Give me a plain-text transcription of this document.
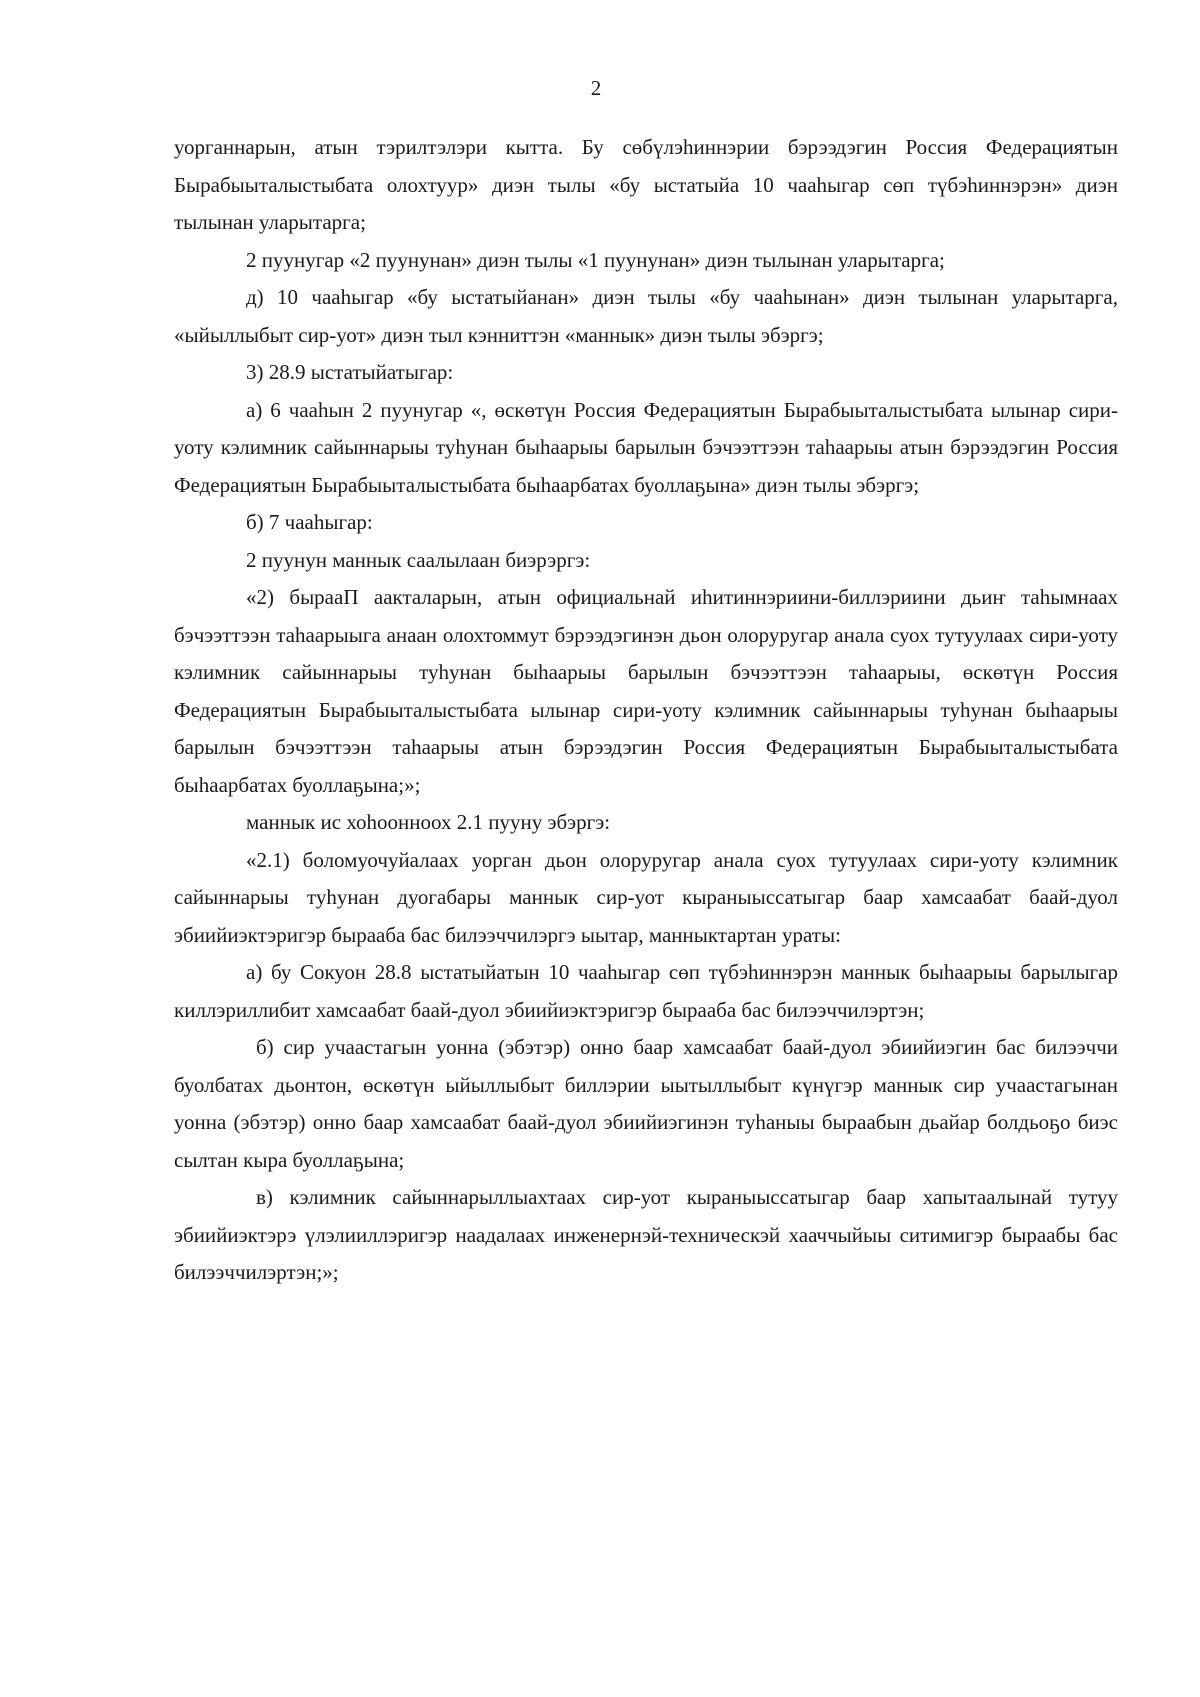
2

уорганнарын, атын тэрилтэлэри кытта. Бу сөбүлэһиннэрии бэрээдэгин Россия Федерациятын Бырабыыталыстыбата олохтуур» диэн тылы «бу ыстатыйа 10 чааһыгар сөп түбэһиннэрэн» диэн тылынан уларытарга;

2 пуунугар «2 пуунунан» диэн тылы «1 пуунунан» диэн тылынан уларытарга;

д) 10 чааһыгар «бу ыстатыйанан» диэн тылы «бу чааһынан» диэн тылынан уларытарга, «ыйыллыбыт сир-уот» диэн тыл кэнниттэн «маннык» диэн тылы эбэргэ;

3) 28.9 ыстатыйатыгар:

а) 6 чааһын 2 пуунугар «, өскөтүн Россия Федерациятын Бырабыыталыстыбата ылынар сири-уоту кэлимник сайыннарыы туһунан быһаарыы барылын бэчээттээн таһаарыы атын бэрээдэгин Россия Федерациятын Бырабыыталыстыбата быһаарбатах буоллаҕына» диэн тылы эбэргэ;

б) 7 чааһыгар:

2 пуунун маннык саалылаан биэрэргэ:

«2) бырааП аакталарын, атын официальнай иһитиннэриини-биллэриини дьиҥ таһымнаах бэчээттээн таһаарыыга анаан олохтоммут бэрээдэгинэн дьон олоруругар анала суох тутуулаах сири-уоту кэлимник сайыннарыы туһунан быһаарыы барылын бэчээттээн таһаарыы, өскөтүн Россия Федерациятын Бырабыыталыстыбата ылынар сири-уоту кэлимник сайыннарыы туһунан быһаарыы барылын бэчээттээн таһаарыы атын бэрээдэгин Россия Федерациятын Бырабыыталыстыбата быһаарбатах буоллаҕына;»;

маннык ис хоһоонноох 2.1 пууну эбэргэ:

«2.1) боломуочуйалаах уорган дьон олоруругар анала суох тутуулаах сири-уоту кэлимник сайыннарыы туһунан дуогабары маннык сир-уот кыраныыссатыгар баар хамсаабат баай-дуол эбиийиэктэригэр бырааба бас билээччилэргэ ыытар, манныктартан ураты:

а) бу Сокуон 28.8 ыстатыйатын 10 чааһыгар сөп түбэһиннэрэн маннык быһаарыы барылыгар киллэриллибит хамсаабат баай-дуол эбиийиэктэригэр бырааба бас билээччилэртэн;

б) сир учаастагын уонна (эбэтэр) онно баар хамсаабат баай-дуол эбиийиэгин бас билээччи буолбатах дьонтон, өскөтүн ыйыллыбыт биллэрии ыытыллыбыт күнүгэр маннык сир учаастагынан уонна (эбэтэр) онно баар хамсаабат баай-дуол эбиийиэгинэн туһаныы бырaабын дьайар болдьоҕо биэс сылтан кыра буоллаҕына;

в) кэлимник сайыннарыллыахтаах сир-уот кыраныыссатыгар баар хапытаалынай тутуу эбиийиэктэрэ үлэлииллэригэр наадалаах инженернэй-техническэй хааччыйыы ситимигэр бырaабы бас билээччилэртэн;»;
